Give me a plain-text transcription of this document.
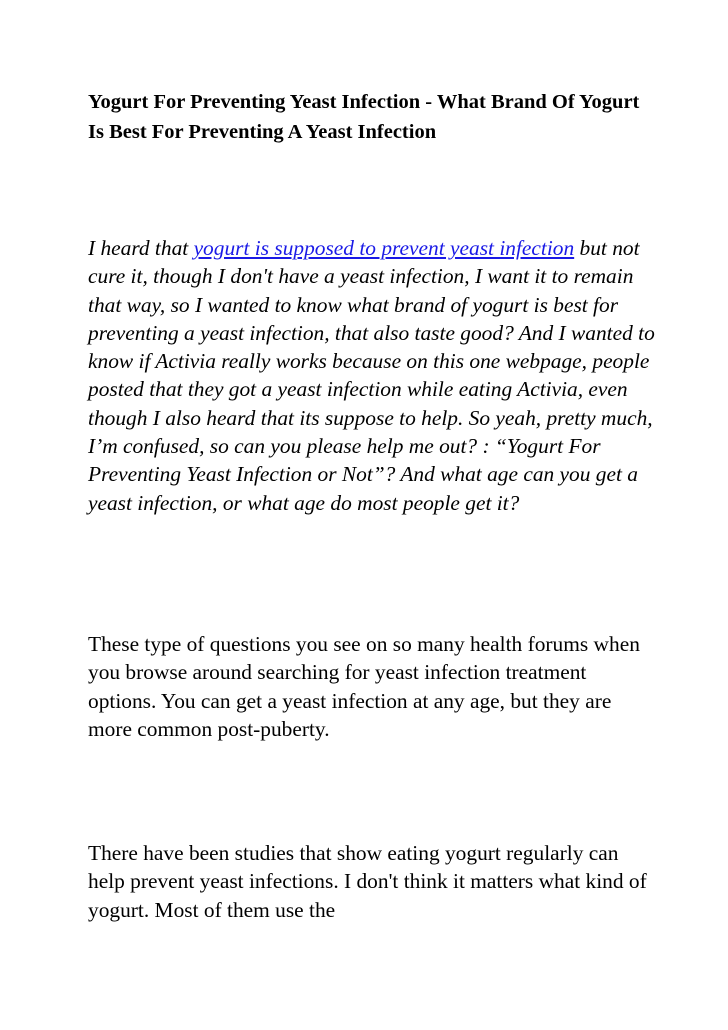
Yogurt For Preventing Yeast Infection - What Brand Of Yogurt Is Best For Preventing A Yeast Infection

I heard that yogurt is supposed to prevent yeast infection but not cure it, though I don't have a yeast infection, I want it to remain that way, so I wanted to know what brand of yogurt is best for preventing a yeast infection, that also taste good? And I wanted to know if Activia really works because on this one webpage, people posted that they got a yeast infection while eating Activia, even though I also heard that its suppose to help. So yeah, pretty much, I’m confused, so can you please help me out? : “Yogurt For Preventing Yeast Infection or Not”? And what age can you get a yeast infection, or what age do most people get it?

These type of questions you see on so many health forums when you browse around searching for yeast infection treatment options. You can get a yeast infection at any age, but they are more common post-puberty.

There have been studies that show eating yogurt regularly can help prevent yeast infections. I don't think it matters what kind of yogurt. Most of them use the
